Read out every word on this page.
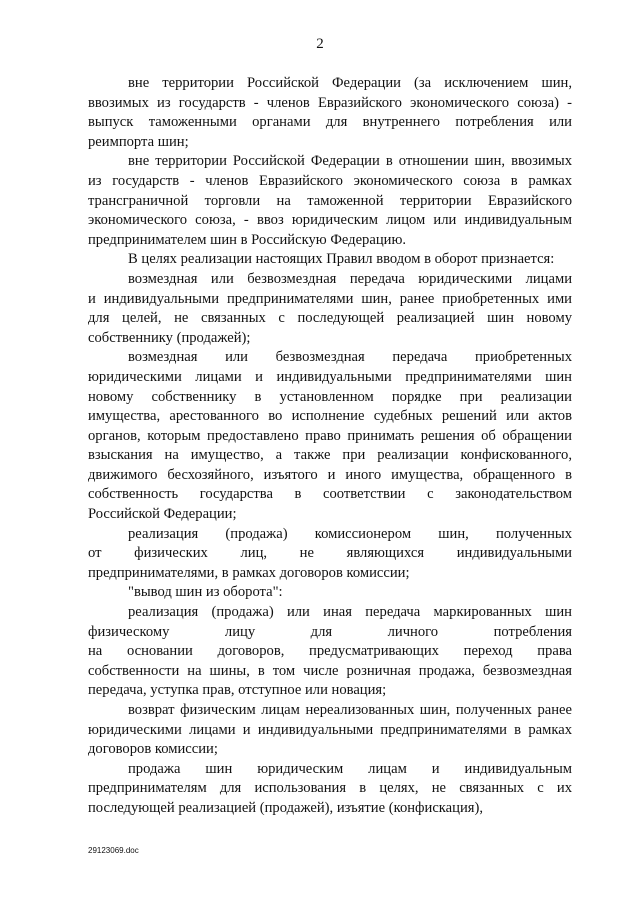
2
вне территории Российской Федерации (за исключением шин,
ввозимых из государств - членов Евразийского экономического союза) -
выпуск таможенными органами для внутреннего потребления или
реимпорта шин;
вне территории Российской Федерации в отношении шин, ввозимых
из государств - членов Евразийского экономического союза в рамках
трансграничной торговли на таможенной территории Евразийского
экономического союза, - ввоз юридическим лицом или индивидуальным
предпринимателем шин в Российскую Федерацию.
В целях реализации настоящих Правил вводом в оборот признается:
возмездная или безвозмездная передача юридическими лицами
и индивидуальными предпринимателями шин, ранее приобретенных ими
для целей, не связанных с последующей реализацией шин новому
собственнику (продажей);
возмездная или безвозмездная передача приобретенных
юридическими лицами и индивидуальными предпринимателями шин
новому собственнику в установленном порядке при реализации
имущества, арестованного во исполнение судебных решений или актов
органов, которым предоставлено право принимать решения об обращении
взыскания на имущество, а также при реализации конфискованного,
движимого бесхозяйного, изъятого и иного имущества, обращенного в
собственность государства в соответствии с законодательством
Российской Федерации;
реализация (продажа) комиссионером шин, полученных
от физических лиц, не являющихся индивидуальными
предпринимателями, в рамках договоров комиссии;
"вывод шин из оборота":
реализация (продажа) или иная передача маркированных шин
физическому лицу для личного потребления
на основании договоров, предусматривающих переход права
собственности на шины, в том числе розничная продажа, безвозмездная
передача, уступка прав, отступное или новация;
возврат физическим лицам нереализованных шин, полученных ранее
юридическими лицами и индивидуальными предпринимателями в рамках
договоров комиссии;
продажа шин юридическим лицам и индивидуальным
предпринимателям для использования в целях, не связанных с их
последующей реализацией (продажей), изъятие (конфискация),
29123069.doc
